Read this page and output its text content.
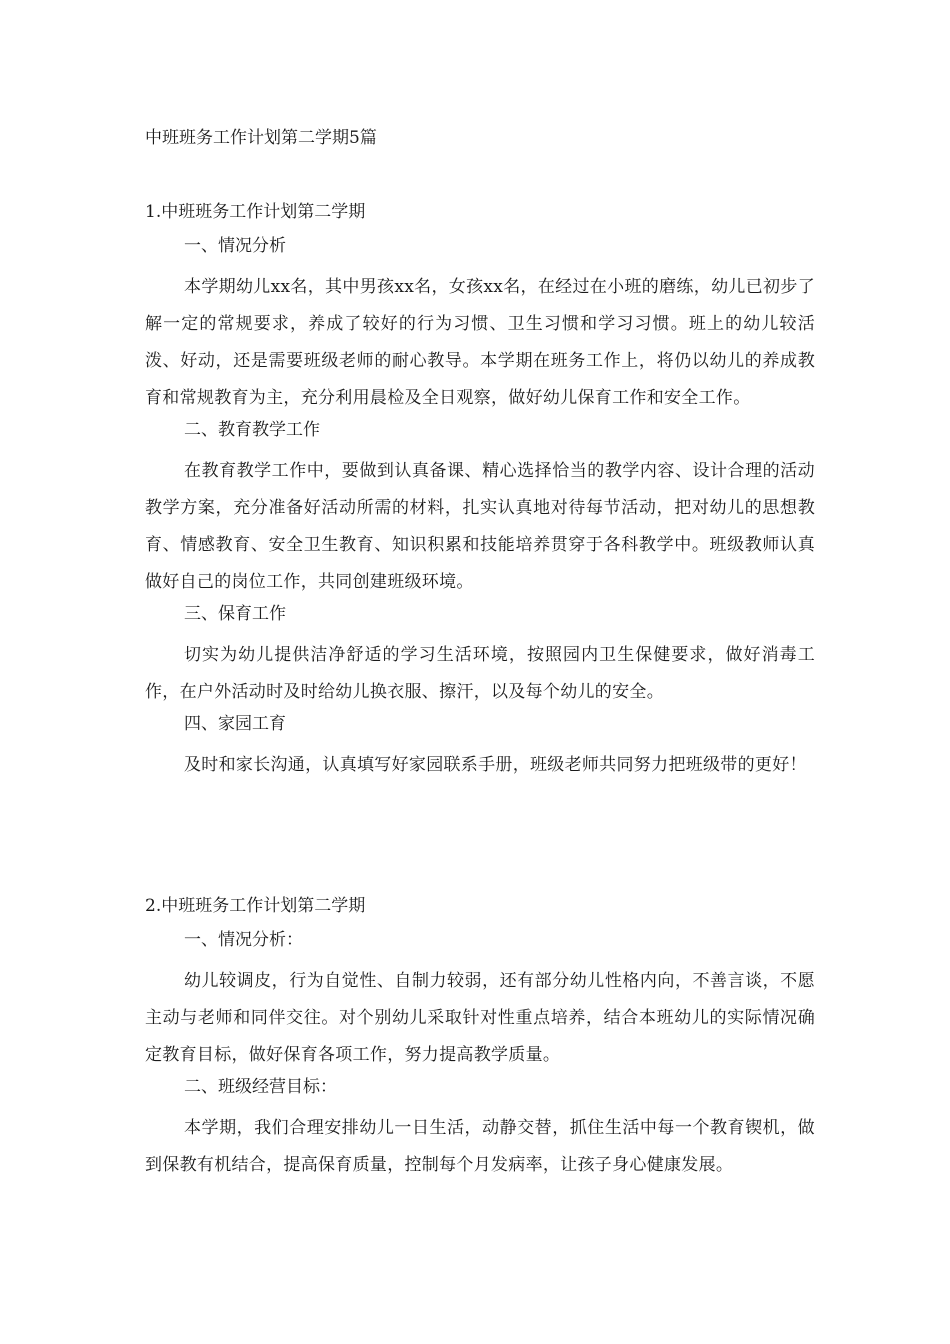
中班班务工作计划第二学期5篇
1.中班班务工作计划第二学期
一、情况分析
本学期幼儿xx名，其中男孩xx名，女孩xx名，在经过在小班的磨练，幼儿已初步了解一定的常规要求，养成了较好的行为习惯、卫生习惯和学习习惯。班上的幼儿较活泼、好动，还是需要班级老师的耐心教导。本学期在班务工作上，将仍以幼儿的养成教育和常规教育为主，充分利用晨检及全日观察，做好幼儿保育工作和安全工作。
二、教育教学工作
在教育教学工作中，要做到认真备课、精心选择恰当的教学内容、设计合理的活动教学方案，充分准备好活动所需的材料，扎实认真地对待每节活动，把对幼儿的思想教育、情感教育、安全卫生教育、知识积累和技能培养贯穿于各科教学中。班级教师认真做好自己的岗位工作，共同创建班级环境。
三、保育工作
切实为幼儿提供洁净舒适的学习生活环境，按照园内卫生保健要求，做好消毒工作，在户外活动时及时给幼儿换衣服、擦汗，以及每个幼儿的安全。
四、家园工育
及时和家长沟通，认真填写好家园联系手册，班级老师共同努力把班级带的更好！
2.中班班务工作计划第二学期
一、情况分析：
幼儿较调皮，行为自觉性、自制力较弱，还有部分幼儿性格内向，不善言谈，不愿主动与老师和同伴交往。对个别幼儿采取针对性重点培养，结合本班幼儿的实际情况确定教育目标，做好保育各项工作，努力提高教学质量。
二、班级经营目标：
本学期，我们合理安排幼儿一日生活，动静交替，抓住生活中每一个教育锲机，做到保教有机结合，提高保育质量，控制每个月发病率，让孩子身心健康发展。
